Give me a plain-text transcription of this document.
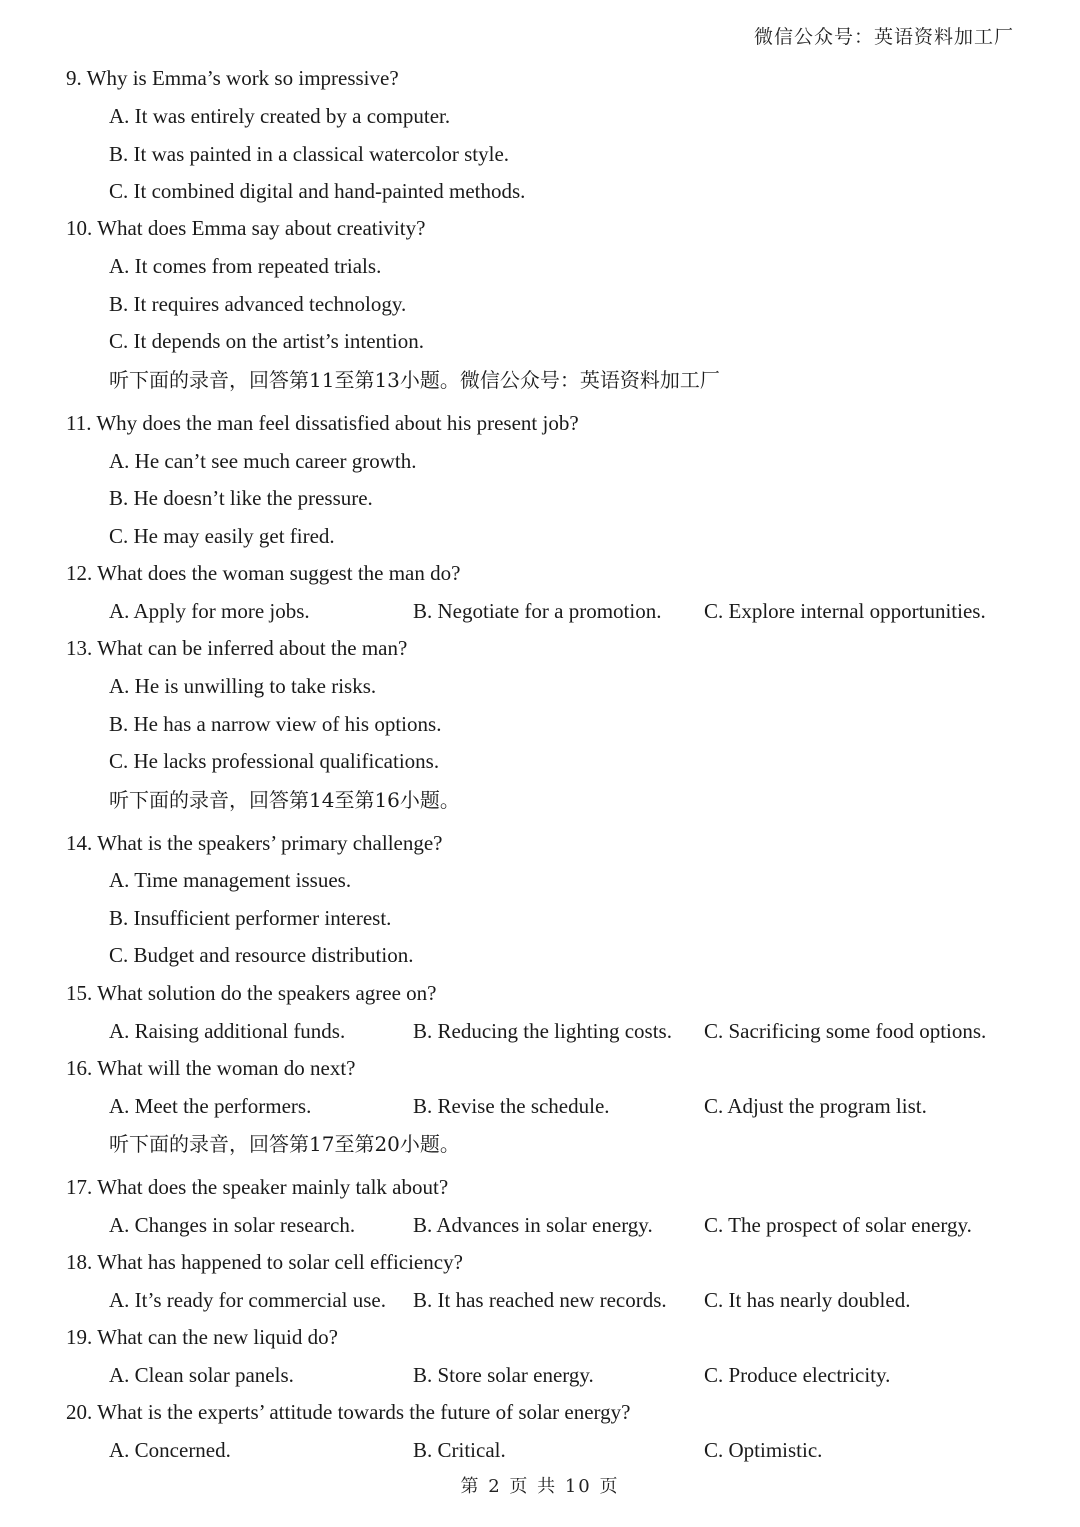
微信公众号：英语资料加工厂
9. Why is Emma’s work so impressive?
A. It was entirely created by a computer.
B. It was painted in a classical watercolor style.
C. It combined digital and hand-painted methods.
10. What does Emma say about creativity?
A. It comes from repeated trials.
B. It requires advanced technology.
C. It depends on the artist’s intention.
听下面的录音，回答第11至第13小题。微信公众号：英语资料加工厂
11. Why does the man feel dissatisfied about his present job?
A. He can’t see much career growth.
B. He doesn’t like the pressure.
C. He may easily get fired.
12. What does the woman suggest the man do?
A. Apply for more jobs.	B. Negotiate for a promotion. C. Explore internal opportunities.
13. What can be inferred about the man?
A. He is unwilling to take risks.
B. He has a narrow view of his options.
C. He lacks professional qualifications.
听下面的录音，回答第14至第16小题。
14. What is the speakers’ primary challenge?
A. Time management issues.
B. Insufficient performer interest.
C. Budget and resource distribution.
15. What solution do the speakers agree on?
A. Raising additional funds.	B. Reducing the lighting costs. C. Sacrificing some food options.
16. What will the woman do next?
A. Meet the performers.	B. Revise the schedule.	C. Adjust the program list.
听下面的录音，回答第17至第20小题。
17. What does the speaker mainly talk about?
A. Changes in solar research.	B. Advances in solar energy. C. The prospect of solar energy.
18. What has happened to solar cell efficiency?
A. It’s ready for commercial use. B. It has reached new records. C. It has nearly doubled.
19. What can the new liquid do?
A. Clean solar panels.	B. Store solar energy.	C. Produce electricity.
20. What is the experts’ attitude towards the future of solar energy?
A. Concerned.	B. Critical.	C. Optimistic.
第 2 页 共 10 页
